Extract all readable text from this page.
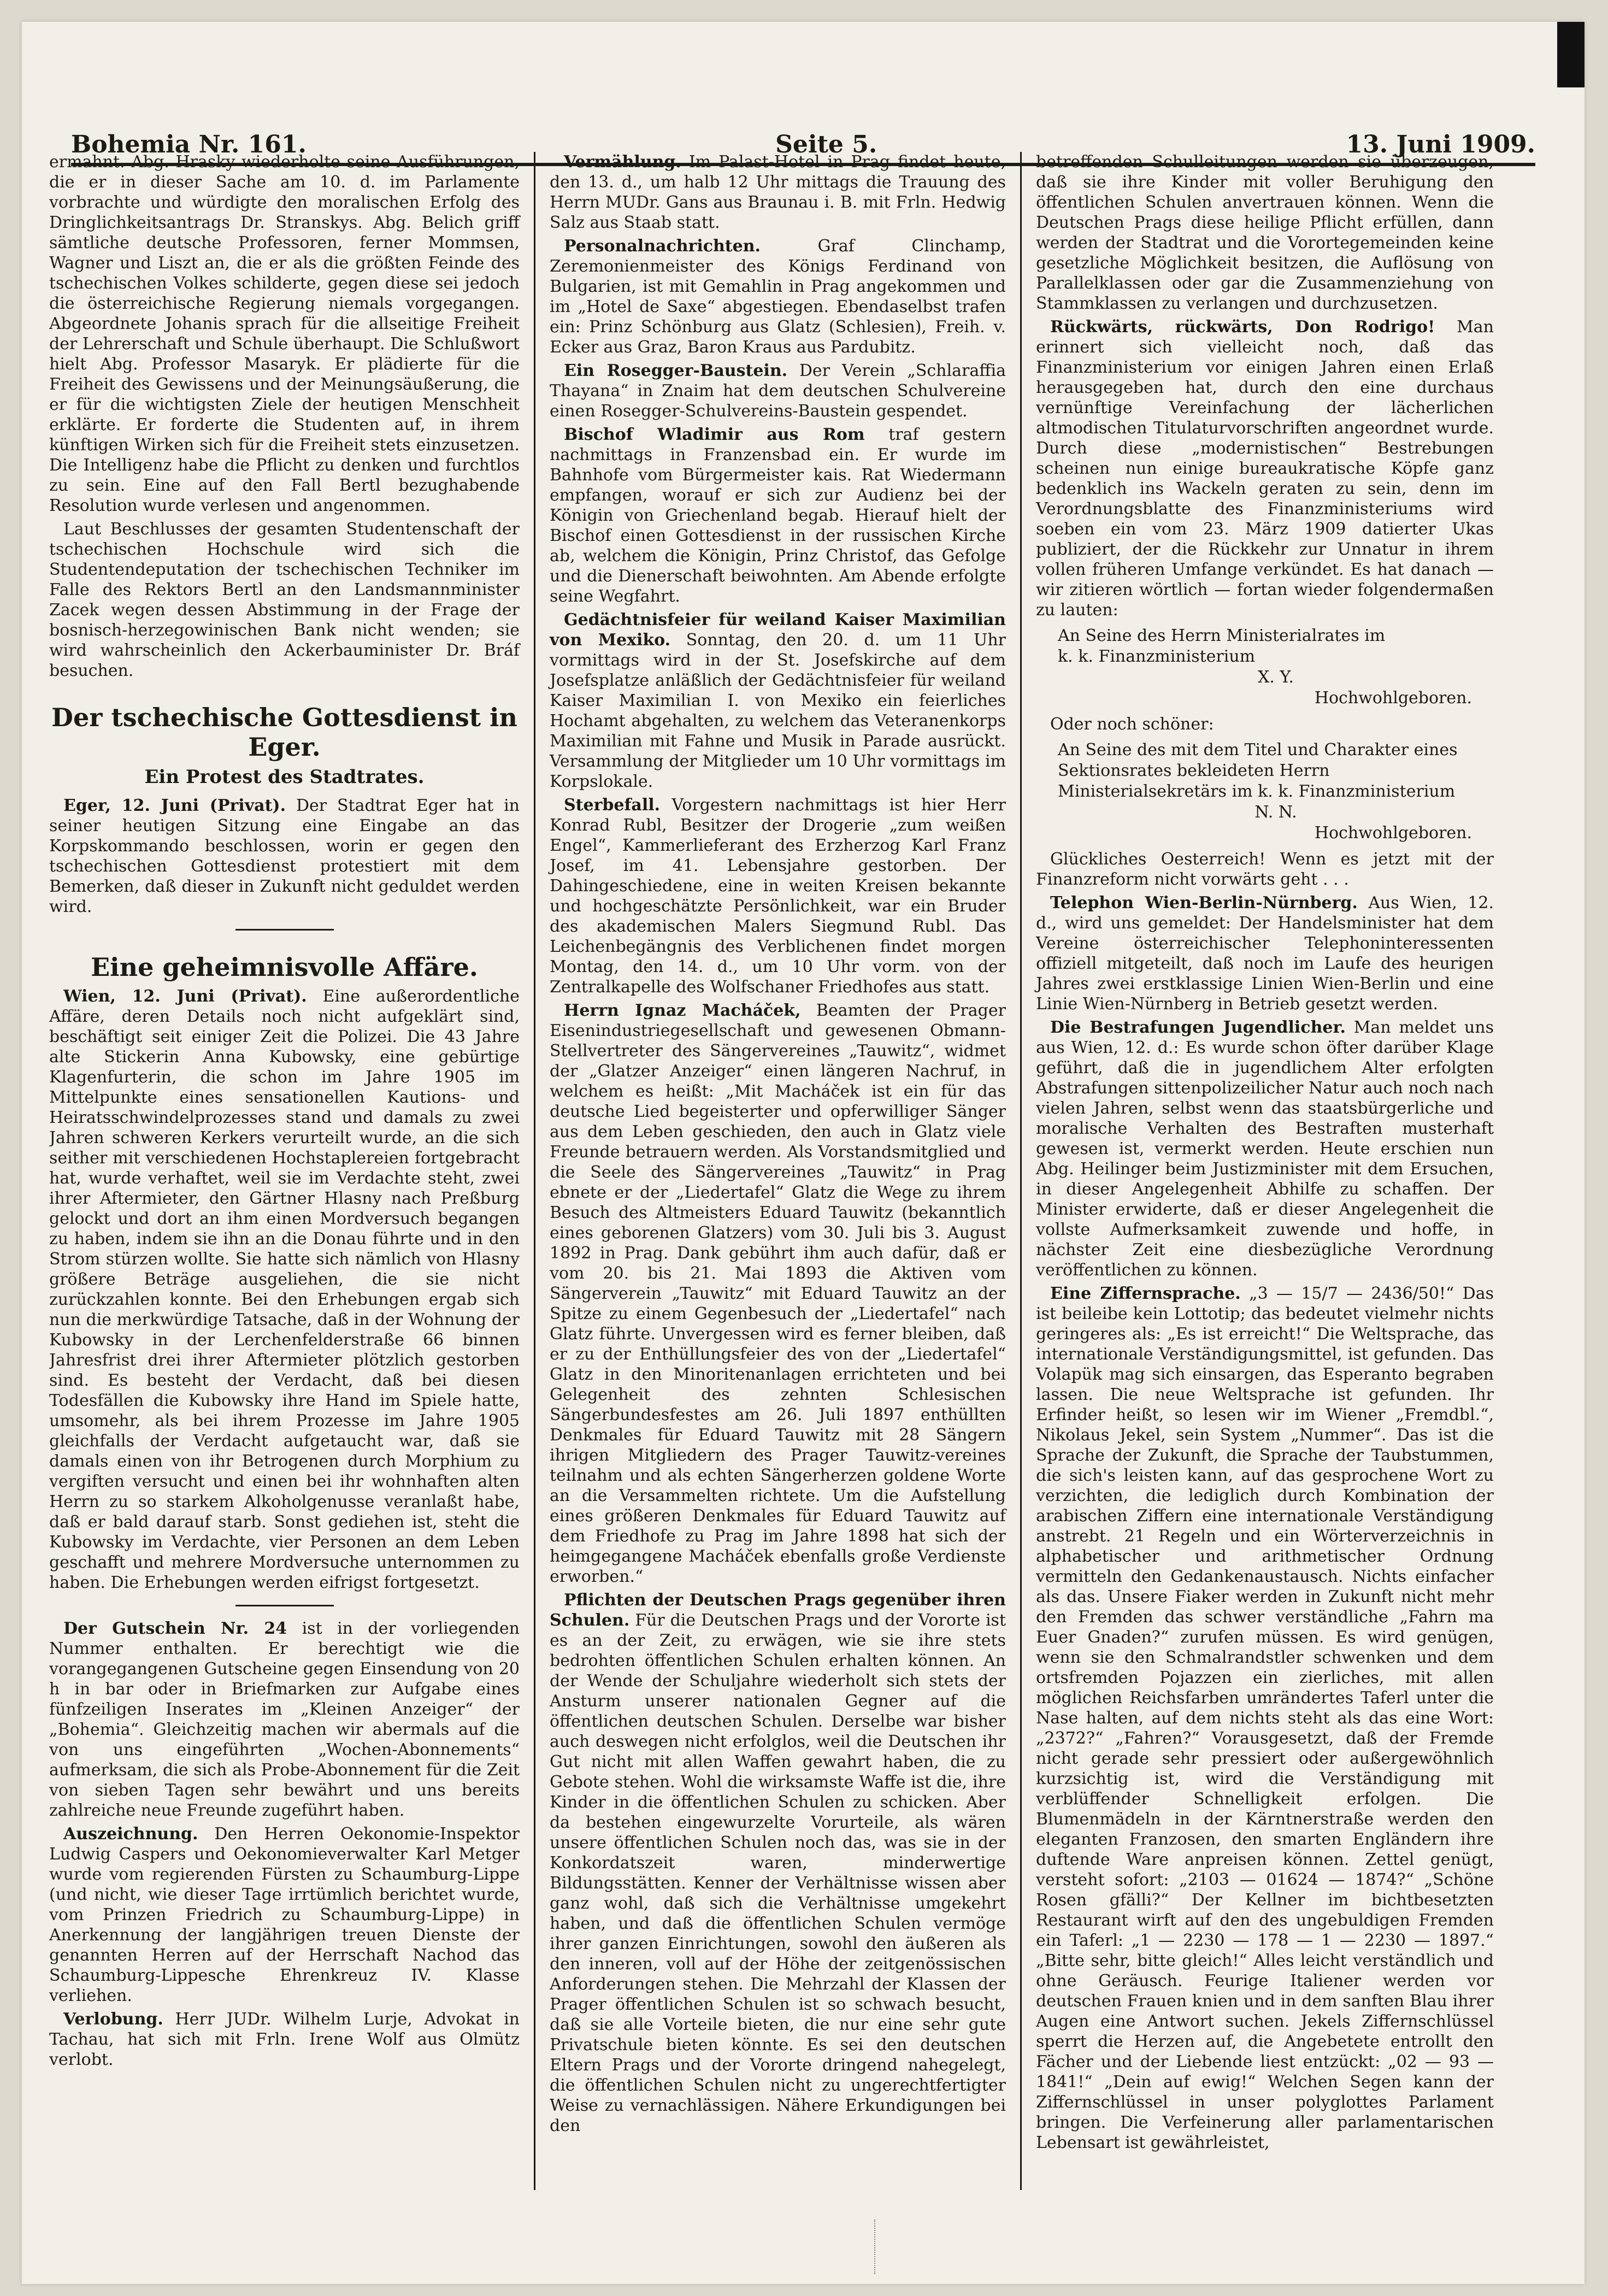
Bohemia Nr. 161.	Seite 5.	13. Juni 1909.

ermahnt. Abg. Hrasky wiederholte seine Ausführungen, die er in dieser Sache am 10. d. im Parlamente vorbrachte und würdigte den moralischen Erfolg des Dringlichkeitsantrags Dr. Stranskys. Abg. Belich griff sämtliche deutsche Professoren, ferner Mommsen, Wagner und Liszt an, die er als die größten Feinde des tschechischen Volkes schilderte, gegen diese sei jedoch die österreichische Regierung niemals vorgegangen. Abgeordnete Johanis sprach für die allseitige Freiheit der Lehrerschaft und Schule überhaupt. Die Schlußwort hielt Abg. Professor Masaryk. Er plädierte für die Freiheit des Gewissens und der Meinungsäußerung, die er für die wichtigsten Ziele der heutigen Menschheit erklärte. Er forderte die Studenten auf, in ihrem künftigen Wirken sich für die Freiheit stets einzusetzen. Die Intelligenz habe die Pflicht zu denken und furchtlos zu sein. Eine auf den Fall Bertl bezughabende Resolution wurde verlesen und angenommen.

Laut Beschlusses der gesamten Studentenschaft der tschechischen Hochschule wird sich die Studentendeputation der tschechischen Techniker im Falle des Rektors Bertl an den Landsmannminister Zacek wegen dessen Abstimmung in der Frage der bosnisch-herzegowinischen Bank nicht wenden; sie wird wahrscheinlich den Ackerbauminister Dr. Bráf besuchen.

Der tschechische Gottesdienst in Eger.
Ein Protest des Stadtrates.

Eger, 12. Juni (Privat). Der Stadtrat Eger hat in seiner heutigen Sitzung eine Eingabe an das Korpskommando beschlossen, worin er gegen den tschechischen Gottesdienst protestiert mit dem Bemerken, daß dieser in Zukunft nicht geduldet werden wird.

Eine geheimnisvolle Affäre.

Wien, 12. Juni (Privat). Eine außerordentliche Affäre, deren Details noch nicht aufgeklärt sind, beschäftigt seit einiger Zeit die Polizei. Die 43 Jahre alte Stickerin Anna Kubowsky, eine gebürtige Klagenfurterin, die schon im Jahre 1905 im Mittelpunkte eines sensationellen Kautions- und Heiratsschwindelprozesses stand und damals zu zwei Jahren schweren Kerkers verurteilt wurde, an die sich seither mit verschiedenen Hochstaplereien fortgebracht hat, wurde verhaftet, weil sie im Verdachte steht, zwei ihrer Aftermieter, den Gärtner Hlasny nach Preßburg gelockt und dort an ihm einen Mordversuch begangen zu haben, indem sie ihn an die Donau führte und in den Strom stürzen wollte. Sie hatte sich nämlich von Hlasny größere Beträge ausgeliehen, die sie nicht zurückzahlen konnte. Bei den Erhebungen ergab sich nun die merkwürdige Tatsache, daß in der Wohnung der Kubowsky in der Lerchenfelderstraße 66 binnen Jahresfrist drei ihrer Aftermieter plötzlich gestorben sind. Es besteht der Verdacht, daß bei diesen Todesfällen die Kubowsky ihre Hand im Spiele hatte, umsomehr, als bei ihrem Prozesse im Jahre 1905 gleichfalls der Verdacht aufgetaucht war, daß sie damals einen von ihr Betrogenen durch Morphium zu vergiften versucht und einen bei ihr wohnhaften alten Herrn zu so starkem Alkoholgenusse veranlaßt habe, daß er bald darauf starb. Sonst gediehen ist, steht die Kubowsky im Verdachte, vier Personen an dem Leben geschafft und mehrere Mordversuche unternommen zu haben. Die Erhebungen werden eifrigst fortgesetzt.

Der Gutschein Nr. 24 ist in der vorliegenden Nummer enthalten. Er berechtigt wie die vorangegangenen Gutscheine gegen Einsendung von 20 h in bar oder in Briefmarken zur Aufgabe eines fünfzeiligen Inserates im „Kleinen Anzeiger“ der „Bohemia“. Gleichzeitig machen wir abermals auf die von uns eingeführten „Wochen-Abonnements“ aufmerksam, die sich als Probe-Abonnement für die Zeit von sieben Tagen sehr bewährt und uns bereits zahlreiche neue Freunde zugeführt haben.

Auszeichnung. Den Herren Oekonomie-Inspektor Ludwig Caspers und Oekonomieverwalter Karl Metger wurde vom regierenden Fürsten zu Schaumburg-Lippe (und nicht, wie dieser Tage irrtümlich berichtet wurde, vom Prinzen Friedrich zu Schaumburg-Lippe) in Anerkennung der langjährigen treuen Dienste der genannten Herren auf der Herrschaft Nachod das Schaumburg-Lippesche Ehrenkreuz IV. Klasse verliehen.

Verlobung. Herr JUDr. Wilhelm Lurje, Advokat in Tachau, hat sich mit Frln. Irene Wolf aus Olmütz verlobt.

Vermählung. Im Palast-Hotel in Prag findet heute, den 13. d., um halb 12 Uhr mittags die Trauung des Herrn MUDr. Gans aus Braunau i. B. mit Frln. Hedwig Salz aus Staab statt.

Personalnachrichten. Graf Clinchamp, Zeremonienmeister des Königs Ferdinand von Bulgarien, ist mit Gemahlin in Prag angekommen und im „Hotel de Saxe“ abgestiegen. Ebendaselbst trafen ein: Prinz Schönburg aus Glatz (Schlesien), Freih. v. Ecker aus Graz, Baron Kraus aus Pardubitz.

Ein Rosegger-Baustein. Der Verein „Schlaraffia Thayana“ in Znaim hat dem deutschen Schulvereine einen Rosegger-Schulvereins-Baustein gespendet.

Bischof Wladimir aus Rom traf gestern nachmittags in Franzensbad ein. Er wurde im Bahnhofe vom Bürgermeister kais. Rat Wiedermann empfangen, worauf er sich zur Audienz bei der Königin von Griechenland begab. Hierauf hielt der Bischof einen Gottesdienst in der russischen Kirche ab, welchem die Königin, Prinz Christof, das Gefolge und die Dienerschaft beiwohnten. Am Abende erfolgte seine Wegfahrt.

Gedächtnisfeier für weiland Kaiser Maximilian von Mexiko. Sonntag, den 20. d. um 11 Uhr vormittags wird in der St. Josefskirche auf dem Josefsplatze anläßlich der Gedächtnisfeier für weiland Kaiser Maximilian I. von Mexiko ein feierliches Hochamt abgehalten, zu welchem das Veteranenkorps Maximilian mit Fahne und Musik in Parade ausrückt. Versammlung der Mitglieder um 10 Uhr vormittags im Korpslokale.

Sterbefall. Vorgestern nachmittags ist hier Herr Konrad Rubl, Besitzer der Drogerie „zum weißen Engel“, Kammerlieferant des Erzherzog Karl Franz Josef, im 41. Lebensjahre gestorben. Der Dahingeschiedene, eine in weiten Kreisen bekannte und hochgeschätzte Persönlichkeit, war ein Bruder des akademischen Malers Siegmund Rubl. Das Leichenbegängnis des Verblichenen findet morgen Montag, den 14. d., um 10 Uhr vorm. von der Zentralkapelle des Wolfschaner Friedhofes aus statt.

Herrn Ignaz Macháček, Beamten der Prager Eisenindustriegesellschaft und gewesenen Obmann-Stellvertreter des Sängervereines „Tauwitz“, widmet der „Glatzer Anzeiger“ einen längeren Nachruf, in welchem es heißt: „Mit Macháček ist ein für das deutsche Lied begeisterter und opferwilliger Sänger aus dem Leben geschieden, den auch in Glatz viele Freunde betrauern werden. Als Vorstandsmitglied und die Seele des Sängervereines „Tauwitz“ in Prag ebnete er der „Liedertafel“ Glatz die Wege zu ihrem Besuch des Altmeisters Eduard Tauwitz (bekanntlich eines geborenen Glatzers) vom 30. Juli bis 3. August 1892 in Prag. Dank gebührt ihm auch dafür, daß er vom 20. bis 21. Mai 1893 die Aktiven vom Sängerverein „Tauwitz“ mit Eduard Tauwitz an der Spitze zu einem Gegenbesuch der „Liedertafel“ nach Glatz führte. Unvergessen wird es ferner bleiben, daß er zu der Enthüllungsfeier des von der „Liedertafel“ Glatz in den Minoritenanlagen errichteten und bei Gelegenheit des zehnten Schlesischen Sängerbundesfestes am 26. Juli 1897 enthüllten Denkmales für Eduard Tauwitz mit 28 Sängern ihrigen Mitgliedern des Prager Tauwitz-vereines teilnahm und als echten Sängerherzen goldene Worte an die Versammelten richtete. Um die Aufstellung eines größeren Denkmales für Eduard Tauwitz auf dem Friedhofe zu Prag im Jahre 1898 hat sich der heimgegangene Macháček ebenfalls große Verdienste erworben.“

Pflichten der Deutschen Prags gegenüber ihren Schulen. Für die Deutschen Prags und der Vororte ist es an der Zeit, zu erwägen, wie sie ihre stets bedrohten öffentlichen Schulen erhalten können. An der Wende der Schuljahre wiederholt sich stets der Ansturm unserer nationalen Gegner auf die öffentlichen deutschen Schulen. Derselbe war bisher auch deswegen nicht erfolglos, weil die Deutschen ihr Gut nicht mit allen Waffen gewahrt haben, die zu Gebote stehen. Wohl die wirksamste Waffe ist die, ihre Kinder in die öffentlichen Schulen zu schicken. Aber da bestehen eingewurzelte Vorurteile, als wären unsere öffentlichen Schulen noch das, was sie in der Konkordatszeit waren, minderwertige Bildungsstätten. Kenner der Verhältnisse wissen aber ganz wohl, daß sich die Verhältnisse umgekehrt haben, und daß die öffentlichen Schulen vermöge ihrer ganzen Einrichtungen, sowohl den äußeren als den inneren, voll auf der Höhe der zeitgenössischen Anforderungen stehen. Die Mehrzahl der Klassen der Prager öffentlichen Schulen ist so schwach besucht, daß sie alle Vorteile bieten, die nur eine sehr gute Privatschule bieten könnte. Es sei den deutschen Eltern Prags und der Vororte dringend nahegelegt, die öffentlichen Schulen nicht zu ungerechtfertigter Weise zu vernachlässigen. Nähere Erkundigungen bei den

betreffenden Schulleitungen werden sie überzeugen, daß sie ihre Kinder mit voller Beruhigung den öffentlichen Schulen anvertrauen können. Wenn die Deutschen Prags diese heilige Pflicht erfüllen, dann werden der Stadtrat und die Vorortegemeinden keine gesetzliche Möglichkeit besitzen, die Auflösung von Parallelklassen oder gar die Zusammenziehung von Stammklassen zu verlangen und durchzusetzen.

Rückwärts, rückwärts, Don Rodrigo! Man erinnert sich vielleicht noch, daß das Finanzministerium vor einigen Jahren einen Erlaß herausgegeben hat, durch den eine durchaus vernünftige Vereinfachung der lächerlichen altmodischen Titulaturvorschriften angeordnet wurde. Durch diese „modernistischen“ Bestrebungen scheinen nun einige bureaukratische Köpfe ganz bedenklich ins Wackeln geraten zu sein, denn im Verordnungsblatte des Finanzministeriums wird soeben ein vom 23. März 1909 datierter Ukas publiziert, der die Rückkehr zur Unnatur in ihrem vollen früheren Umfange verkündet. Es hat danach — wir zitieren wörtlich — fortan wieder folgendermaßen zu lauten:

An Seine des Herrn Ministerialrates im
k. k. Finanzministerium
X. Y.
Hochwohlgeboren.

Oder noch schöner:

An Seine des mit dem Titel und Charakter eines Sektionsrates bekleideten Herrn Ministerialsekretärs im k. k. Finanzministerium
N. N.
Hochwohlgeboren.

Glückliches Oesterreich! Wenn es jetzt mit der Finanzreform nicht vorwärts geht . . .

Telephon Wien-Berlin-Nürnberg. Aus Wien, 12. d., wird uns gemeldet: Der Handelsminister hat dem Vereine österreichischer Telephoninteressenten offiziell mitgeteilt, daß noch im Laufe des heurigen Jahres zwei erstklassige Linien Wien-Berlin und eine Linie Wien-Nürnberg in Betrieb gesetzt werden.

Die Bestrafungen Jugendlicher. Man meldet uns aus Wien, 12. d.: Es wurde schon öfter darüber Klage geführt, daß die in jugendlichem Alter erfolgten Abstrafungen sittenpolizeilicher Natur auch noch nach vielen Jahren, selbst wenn das staatsbürgerliche und moralische Verhalten des Bestraften musterhaft gewesen ist, vermerkt werden. Heute erschien nun Abg. Heilinger beim Justizminister mit dem Ersuchen, in dieser Angelegenheit Abhilfe zu schaffen. Der Minister erwiderte, daß er dieser Angelegenheit die vollste Aufmerksamkeit zuwende und hoffe, in nächster Zeit eine diesbezügliche Verordnung veröffentlichen zu können.

Eine Ziffernsprache. „3 — 15/7 — 2436/50!“ Das ist beileibe kein Lottotip; das bedeutet vielmehr nichts geringeres als: „Es ist erreicht!“ Die Weltsprache, das internationale Verständigungsmittel, ist gefunden. Das Volapük mag sich einsargen, das Esperanto begraben lassen. Die neue Weltsprache ist gefunden. Ihr Erfinder heißt, so lesen wir im Wiener „Fremdbl.“, Nikolaus Jekel, sein System „Nummer“. Das ist die Sprache der Zukunft, die Sprache der Taubstummen, die sich's leisten kann, auf das gesprochene Wort zu verzichten, die lediglich durch Kombination der arabischen Ziffern eine internationale Verständigung anstrebt. 21 Regeln und ein Wörterverzeichnis in alphabetischer und arithmetischer Ordnung vermitteln den Gedankenaustausch. Nichts einfacher als das. Unsere Fiaker werden in Zukunft nicht mehr den Fremden das schwer verständliche „Fahrn ma Euer Gnaden?“ zurufen müssen. Es wird genügen, wenn sie den Schmalrandstler schwenken und dem ortsfremden Pojazzen ein zierliches, mit allen möglichen Reichsfarben umrändertes Taferl unter die Nase halten, auf dem nichts steht als das eine Wort: „2372?“ „Fahren?“ Vorausgesetzt, daß der Fremde nicht gerade sehr pressiert oder außergewöhnlich kurzsichtig ist, wird die Verständigung mit verblüffender Schnelligkeit erfolgen. Die Blumenmädeln in der Kärntnerstraße werden den eleganten Franzosen, den smarten Engländern ihre duftende Ware anpreisen können. Zettel genügt, versteht sofort: „2103 — 01624 — 1874?“ „Schöne Rosen gfälli?“ Der Kellner im bichtbesetzten Restaurant wirft auf den des ungebuldigen Fremden ein Taferl: „1 — 2230 — 178 — 1 — 2230 — 1897.“ „Bitte sehr, bitte gleich!“ Alles leicht verständlich und ohne Geräusch. Feurige Italiener werden vor deutschen Frauen knien und in dem sanften Blau ihrer Augen eine Antwort suchen. Jekels Ziffernschlüssel sperrt die Herzen auf, die Angebetete entrollt den Fächer und der Liebende liest entzückt: „02 — 93 — 1841!“ „Dein auf ewig!“ Welchen Segen kann der Ziffernschlüssel in unser polyglottes Parlament bringen. Die Verfeinerung aller parlamentarischen Lebensart ist gewährleistet,
